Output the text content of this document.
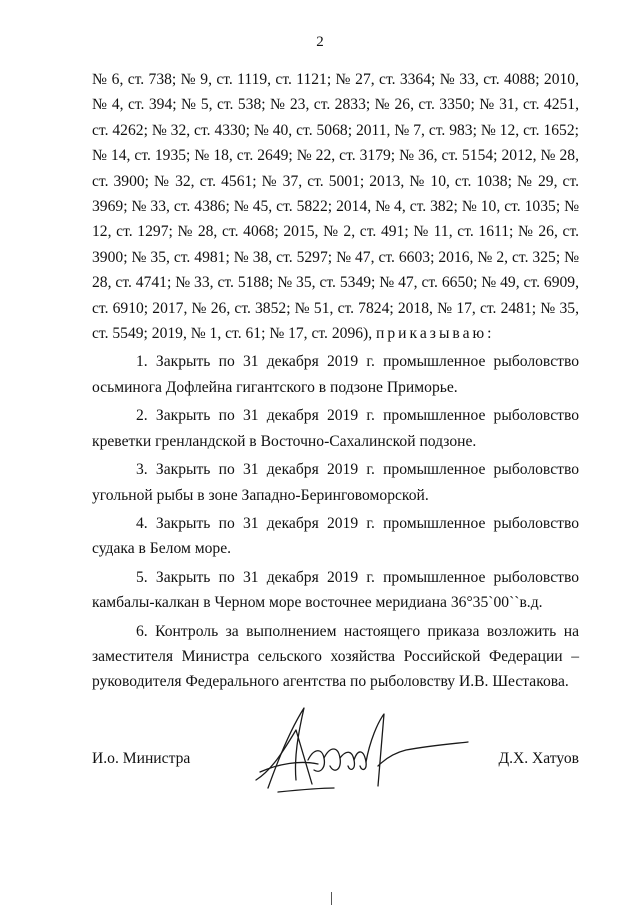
2

№ 6, ст. 738; № 9, ст. 1119, ст. 1121; № 27, ст. 3364; № 33, ст. 4088; 2010, № 4, ст. 394; № 5, ст. 538; № 23, ст. 2833; № 26, ст. 3350; № 31, ст. 4251, ст. 4262; № 32, ст. 4330; № 40, ст. 5068; 2011, № 7, ст. 983; № 12, ст. 1652; № 14, ст. 1935; № 18, ст. 2649; № 22, ст. 3179; № 36, ст. 5154; 2012, № 28, ст. 3900; № 32, ст. 4561; № 37, ст. 5001; 2013, № 10, ст. 1038; № 29, ст. 3969; № 33, ст. 4386; № 45, ст. 5822; 2014, № 4, ст. 382; № 10, ст. 1035; № 12, ст. 1297; № 28, ст. 4068; 2015, № 2, ст. 491; № 11, ст. 1611; № 26, ст. 3900; № 35, ст. 4981; № 38, ст. 5297; № 47, ст. 6603; 2016, № 2, ст. 325; № 28, ст. 4741; № 33, ст. 5188; № 35, ст. 5349; № 47, ст. 6650; № 49, ст. 6909, ст. 6910; 2017, № 26, ст. 3852; № 51, ст. 7824; 2018, № 17, ст. 2481; № 35, ст. 5549; 2019, № 1, ст. 61; № 17, ст. 2096), приказываю:

1. Закрыть по 31 декабря 2019 г. промышленное рыболовство осьминога Дофлейна гигантского в подзоне Приморье.

2. Закрыть по 31 декабря 2019 г. промышленное рыболовство креветки гренландской в Восточно-Сахалинской подзоне.

3. Закрыть по 31 декабря 2019 г. промышленное рыболовство угольной рыбы в зоне Западно-Беринговоморской.

4. Закрыть по 31 декабря 2019 г. промышленное рыболовство судака в Белом море.

5. Закрыть по 31 декабря 2019 г. промышленное рыболовство камбалы-калкан в Черном море восточнее меридиана 36°35`00``в.д.

6. Контроль за выполнением настоящего приказа возложить на заместителя Министра сельского хозяйства Российской Федерации – руководителя Федерального агентства по рыболовству И.В. Шестакова.

И.о. Министра	Д.Х. Хатуов
